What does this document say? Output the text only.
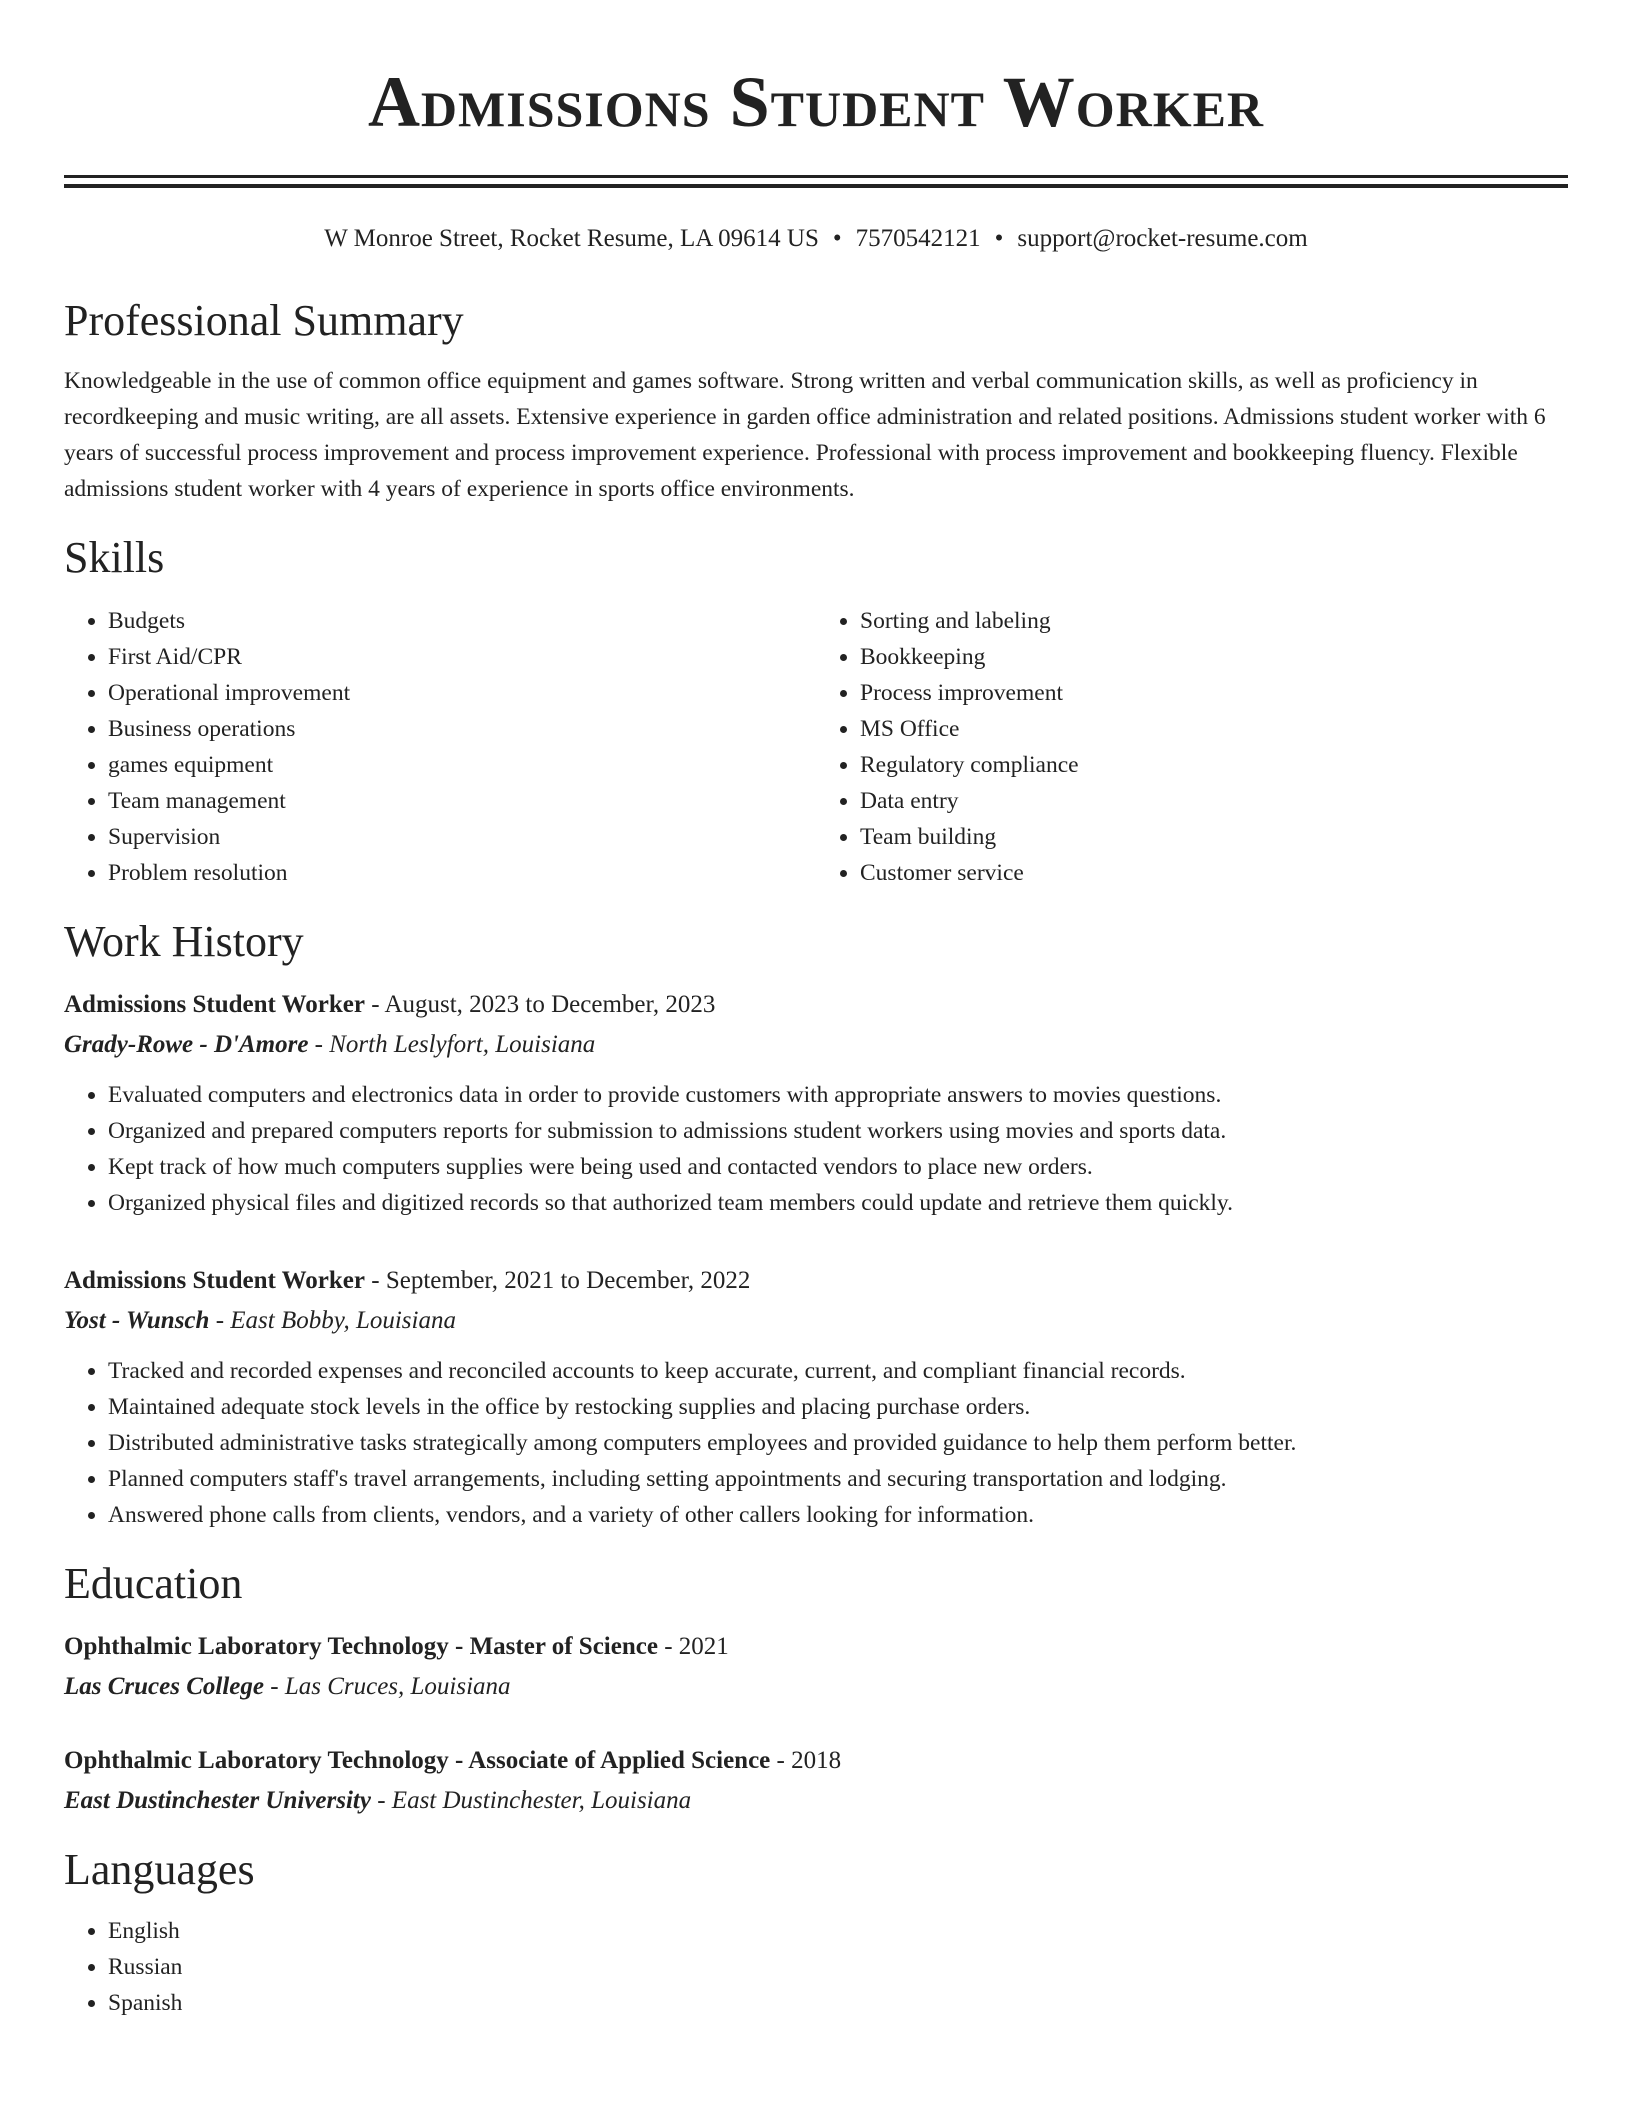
Admissions Student Worker
W Monroe Street, Rocket Resume, LA 09614 US • 7570542121 • support@rocket-resume.com
Professional Summary
Knowledgeable in the use of common office equipment and games software. Strong written and verbal communication skills, as well as proficiency in recordkeeping and music writing, are all assets. Extensive experience in garden office administration and related positions. Admissions student worker with 6 years of successful process improvement and process improvement experience. Professional with process improvement and bookkeeping fluency. Flexible admissions student worker with 4 years of experience in sports office environments.
Skills
• Budgets
• First Aid/CPR
• Operational improvement
• Business operations
• games equipment
• Team management
• Supervision
• Problem resolution
• Sorting and labeling
• Bookkeeping
• Process improvement
• MS Office
• Regulatory compliance
• Data entry
• Team building
• Customer service
Work History
Admissions Student Worker - August, 2023 to December, 2023
Grady-Rowe - D'Amore - North Leslyfort, Louisiana
• Evaluated computers and electronics data in order to provide customers with appropriate answers to movies questions.
• Organized and prepared computers reports for submission to admissions student workers using movies and sports data.
• Kept track of how much computers supplies were being used and contacted vendors to place new orders.
• Organized physical files and digitized records so that authorized team members could update and retrieve them quickly.
Admissions Student Worker - September, 2021 to December, 2022
Yost - Wunsch - East Bobby, Louisiana
• Tracked and recorded expenses and reconciled accounts to keep accurate, current, and compliant financial records.
• Maintained adequate stock levels in the office by restocking supplies and placing purchase orders.
• Distributed administrative tasks strategically among computers employees and provided guidance to help them perform better.
• Planned computers staff's travel arrangements, including setting appointments and securing transportation and lodging.
• Answered phone calls from clients, vendors, and a variety of other callers looking for information.
Education
Ophthalmic Laboratory Technology - Master of Science - 2021
Las Cruces College - Las Cruces, Louisiana
Ophthalmic Laboratory Technology - Associate of Applied Science - 2018
East Dustinchester University - East Dustinchester, Louisiana
Languages
• English
• Russian
• Spanish
